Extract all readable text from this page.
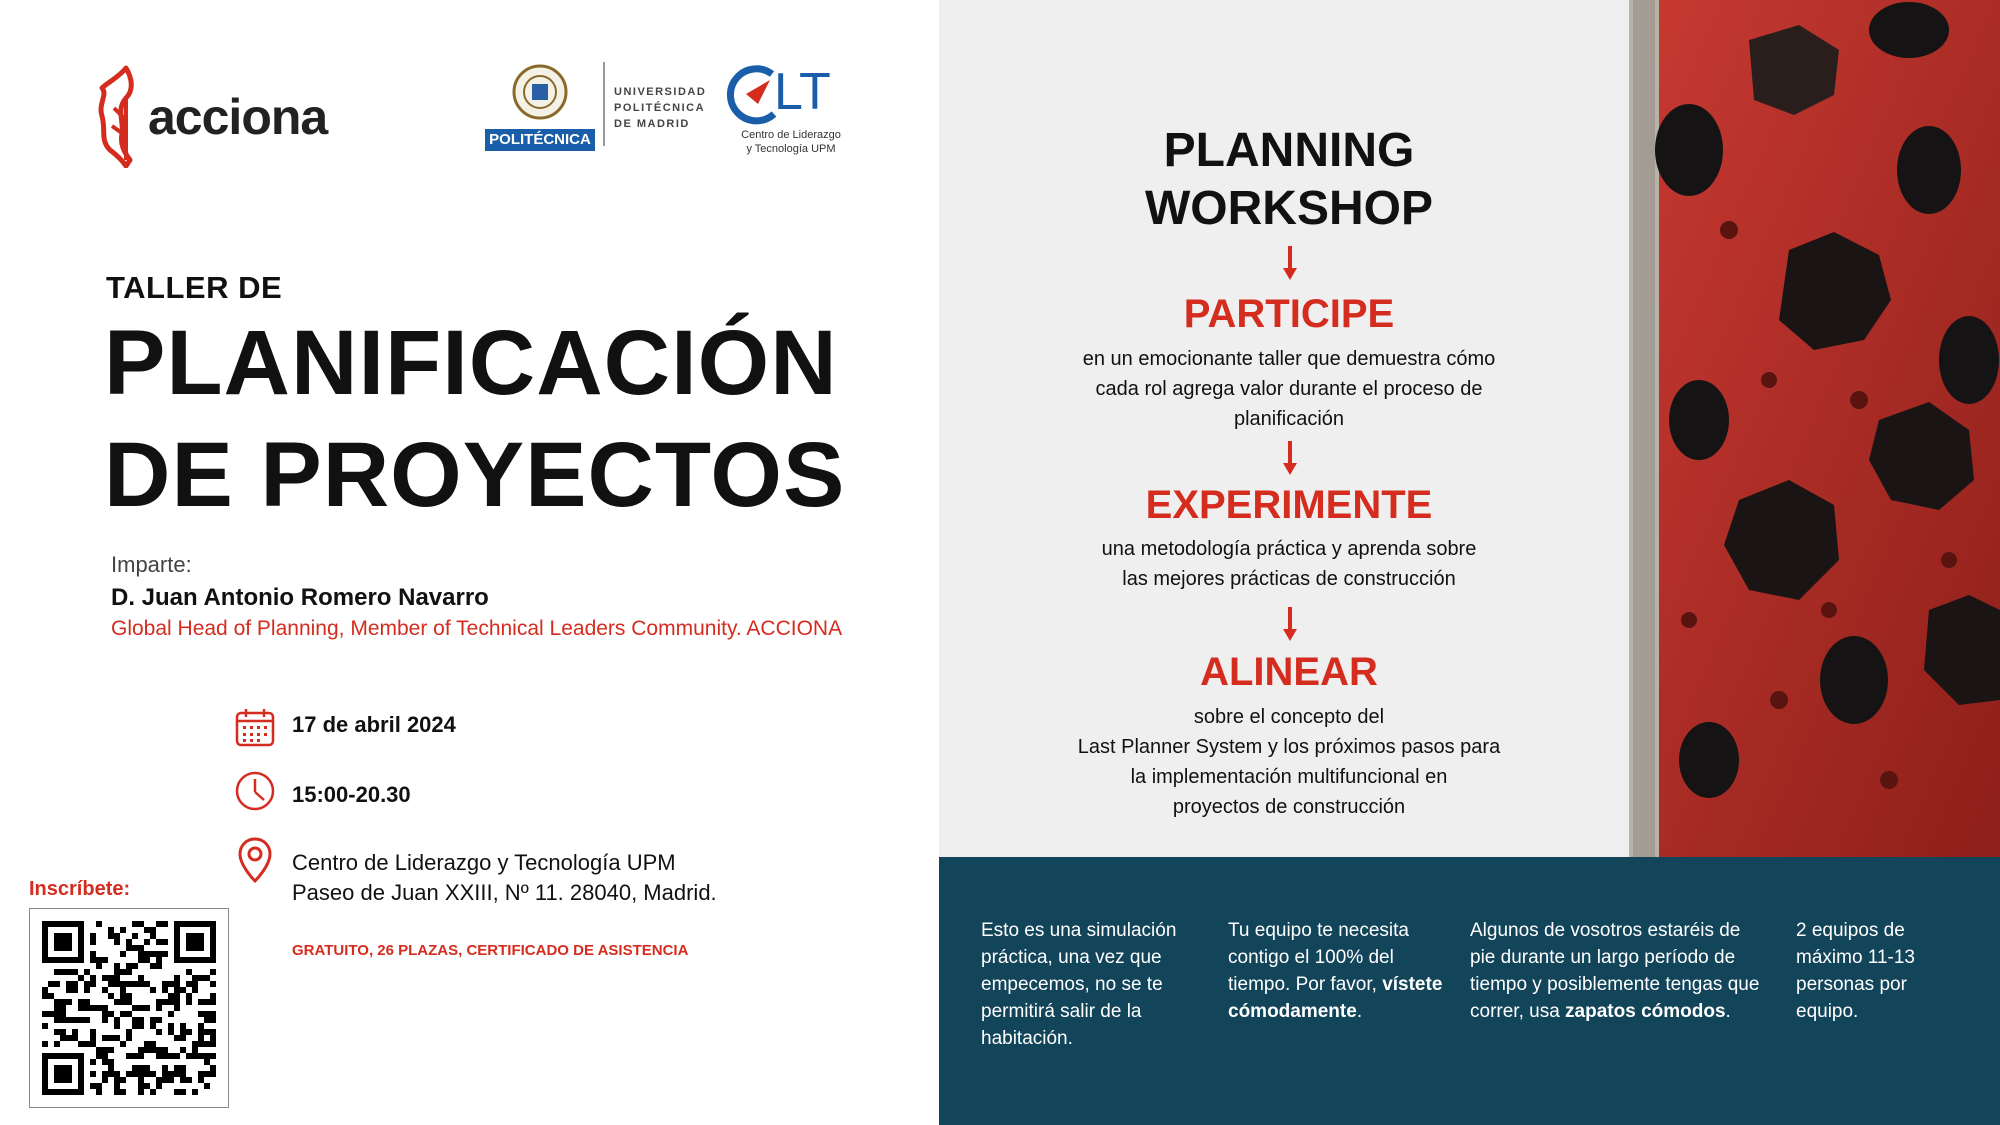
acciona	POLITÉCNICA
UNIVERSIDAD
POLITÉCNICA
DE MADRID
LT
Centro de Liderazgo
y Tecnología UPM
TALLER DE
PLANIFICACIÓN
DE PROYECTOS
Imparte:
D. Juan Antonio Romero Navarro
Global Head of Planning, Member of Technical Leaders Community. ACCIONA
17 de abril 2024
15:00-20.30
Centro de Liderazgo y Tecnología UPM
Paseo de Juan XXIII, Nº 11. 28040, Madrid.
GRATUITO, 26 PLAZAS, CERTIFICADO DE ASISTENCIA
Inscríbete:
PLANNING
WORKSHOP
PARTICIPE
en un emocionante taller que demuestra cómo
cada rol agrega valor durante el proceso de
planificación
EXPERIMENTE
una metodología práctica y aprenda sobre
las mejores prácticas de construcción
ALINEAR
sobre el concepto del
Last Planner System y los próximos pasos para
la implementación multifuncional en
proyectos de construcción
Esto es una simulación práctica, una vez que empecemos, no se te permitirá salir de la habitación.
Tu equipo te necesita contigo el 100% del tiempo. Por favor, vístete cómodamente.
Algunos de vosotros estaréis de pie durante un largo período de tiempo y posiblemente tengas que correr, usa zapatos cómodos.
2 equipos de máximo 11-13 personas por equipo.
